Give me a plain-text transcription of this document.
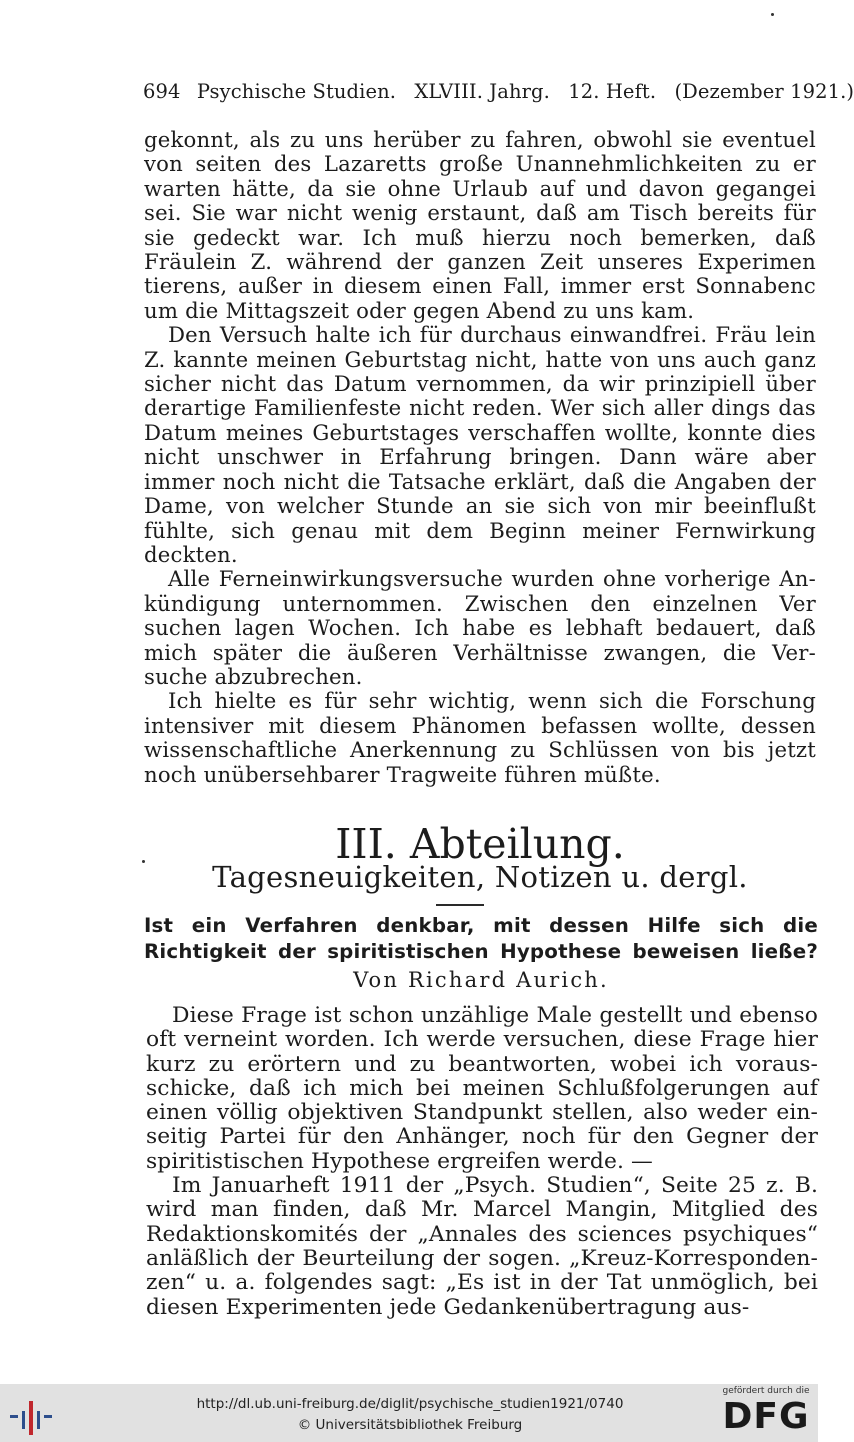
694 Psychische Studien. XLVIII. Jahrg. 12. Heft. (Dezember 1921.)

gekonnt, als zu uns herüber zu fahren, obwohl sie eventuel von seiten des Lazaretts große Unannehmlichkeiten zu er warten hätte, da sie ohne Urlaub auf und davon gegangei sei. Sie war nicht wenig erstaunt, daß am Tisch bereits für sie gedeckt war. Ich muß hierzu noch bemerken, daß Fräulein Z. während der ganzen Zeit unseres Experimen tierens, außer in diesem einen Fall, immer erst Sonnabenc um die Mittagszeit oder gegen Abend zu uns kam.

Den Versuch halte ich für durchaus einwandfrei. Fräu lein Z. kannte meinen Geburtstag nicht, hatte von uns auch ganz sicher nicht das Datum vernommen, da wir prinzipiell über derartige Familienfeste nicht reden. Wer sich aller dings das Datum meines Geburtstages verschaffen wollte, konnte dies nicht unschwer in Erfahrung bringen. Dann wäre aber immer noch nicht die Tatsache erklärt, daß die Angaben der Dame, von welcher Stunde an sie sich von mir beeinflußt fühlte, sich genau mit dem Beginn meiner Fernwirkung deckten.

Alle Ferneinwirkungsversuche wurden ohne vorherige An- kündigung unternommen. Zwischen den einzelnen Ver suchen lagen Wochen. Ich habe es lebhaft bedauert, daß mich später die äußeren Verhältnisse zwangen, die Ver- suche abzubrechen.

Ich hielte es für sehr wichtig, wenn sich die Forschung intensiver mit diesem Phänomen befassen wollte, dessen wissenschaftliche Anerkennung zu Schlüssen von bis jetzt noch unübersehbarer Tragweite führen müßte.

III. Abteilung.
Tagesneuigkeiten, Notizen u. dergl.
Ist ein Verfahren denkbar, mit dessen Hilfe sich die
Richtigkeit der spiritistischen Hypothese beweisen ließe?
Von Richard Aurich.

Diese Frage ist schon unzählige Male gestellt und ebenso oft verneint worden. Ich werde versuchen, diese Frage hier kurz zu erörtern und zu beantworten, wobei ich voraus- schicke, daß ich mich bei meinen Schlußfolgerungen auf einen völlig objektiven Standpunkt stellen, also weder ein- seitig Partei für den Anhänger, noch für den Gegner der spiritistischen Hypothese ergreifen werde. —

Im Januarheft 1911 der „Psych. Studien“, Seite 25 z. B. wird man finden, daß Mr. Marcel Mangin, Mitglied des Redaktionskomités der „Annales des sciences psychiques“ anläßlich der Beurteilung der sogen. „Kreuz-Korresponden- zen“ u. a. folgendes sagt: „Es ist in der Tat unmöglich, bei diesen Experimenten jede Gedankenübertragung aus-

http://dl.ub.uni-freiburg.de/diglit/psychische_studien1921/0740
© Universitätsbibliothek Freiburg
gefördert durch die
DFG
